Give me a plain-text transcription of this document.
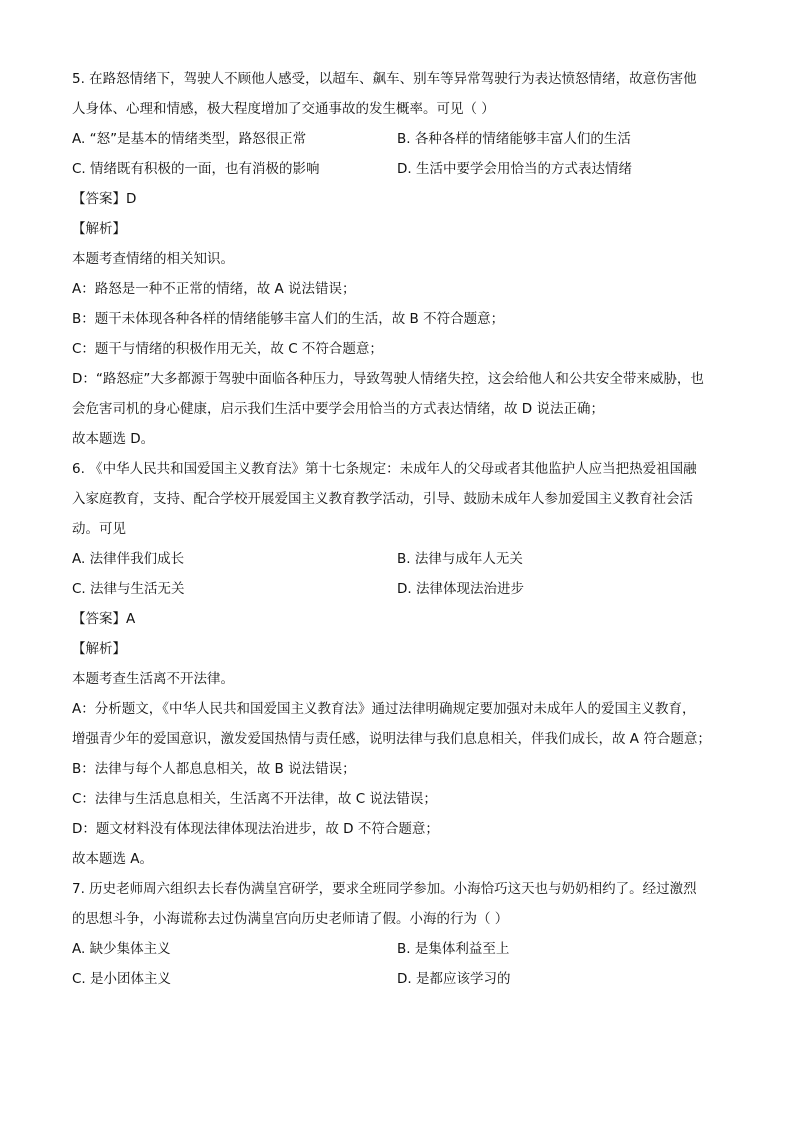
5. 在路怒情绪下，驾驶人不顾他人感受，以超车、飙车、别车等异常驾驶行为表达愤怒情绪，故意伤害他
人身体、心理和情感，极大程度增加了交通事故的发生概率。可见（ ）
A. “怒”是基本的情绪类型，路怒很正常	B. 各种各样的情绪能够丰富人们的生活
C. 情绪既有积极的一面，也有消极的影响	D. 生活中要学会用恰当的方式表达情绪
【答案】D
【解析】
本题考查情绪的相关知识。
A：路怒是一种不正常的情绪，故 A 说法错误；
B：题干未体现各种各样的情绪能够丰富人们的生活，故 B 不符合题意；
C：题干与情绪的积极作用无关，故 C 不符合题意；
D：“路怒症”大多都源于驾驶中面临各种压力，导致驾驶人情绪失控，这会给他人和公共安全带来威胁，也
会危害司机的身心健康，启示我们生活中要学会用恰当的方式表达情绪，故 D 说法正确；
故本题选 D。
6. 《中华人民共和国爱国主义教育法》第十七条规定：未成年人的父母或者其他监护人应当把热爱祖国融
入家庭教育，支持、配合学校开展爱国主义教育教学活动，引导、鼓励未成年人参加爱国主义教育社会活
动。可见
A. 法律伴我们成长	B. 法律与成年人无关
C. 法律与生活无关	D. 法律体现法治进步
【答案】A
【解析】
本题考查生活离不开法律。
A：分析题文，《中华人民共和国爱国主义教育法》通过法律明确规定要加强对未成年人的爱国主义教育，
增强青少年的爱国意识，激发爱国热情与责任感，说明法律与我们息息相关，伴我们成长，故 A 符合题意；
B：法律与每个人都息息相关，故 B 说法错误；
C：法律与生活息息相关，生活离不开法律，故 C 说法错误；
D：题文材料没有体现法律体现法治进步，故 D 不符合题意；
故本题选 A。
7. 历史老师周六组织去长春伪满皇宫研学，要求全班同学参加。小海恰巧这天也与奶奶相约了。经过激烈
的思想斗争，小海谎称去过伪满皇宫向历史老师请了假。小海的行为（ ）
A. 缺少集体主义	B. 是集体利益至上
C. 是小团体主义	D. 是都应该学习的
